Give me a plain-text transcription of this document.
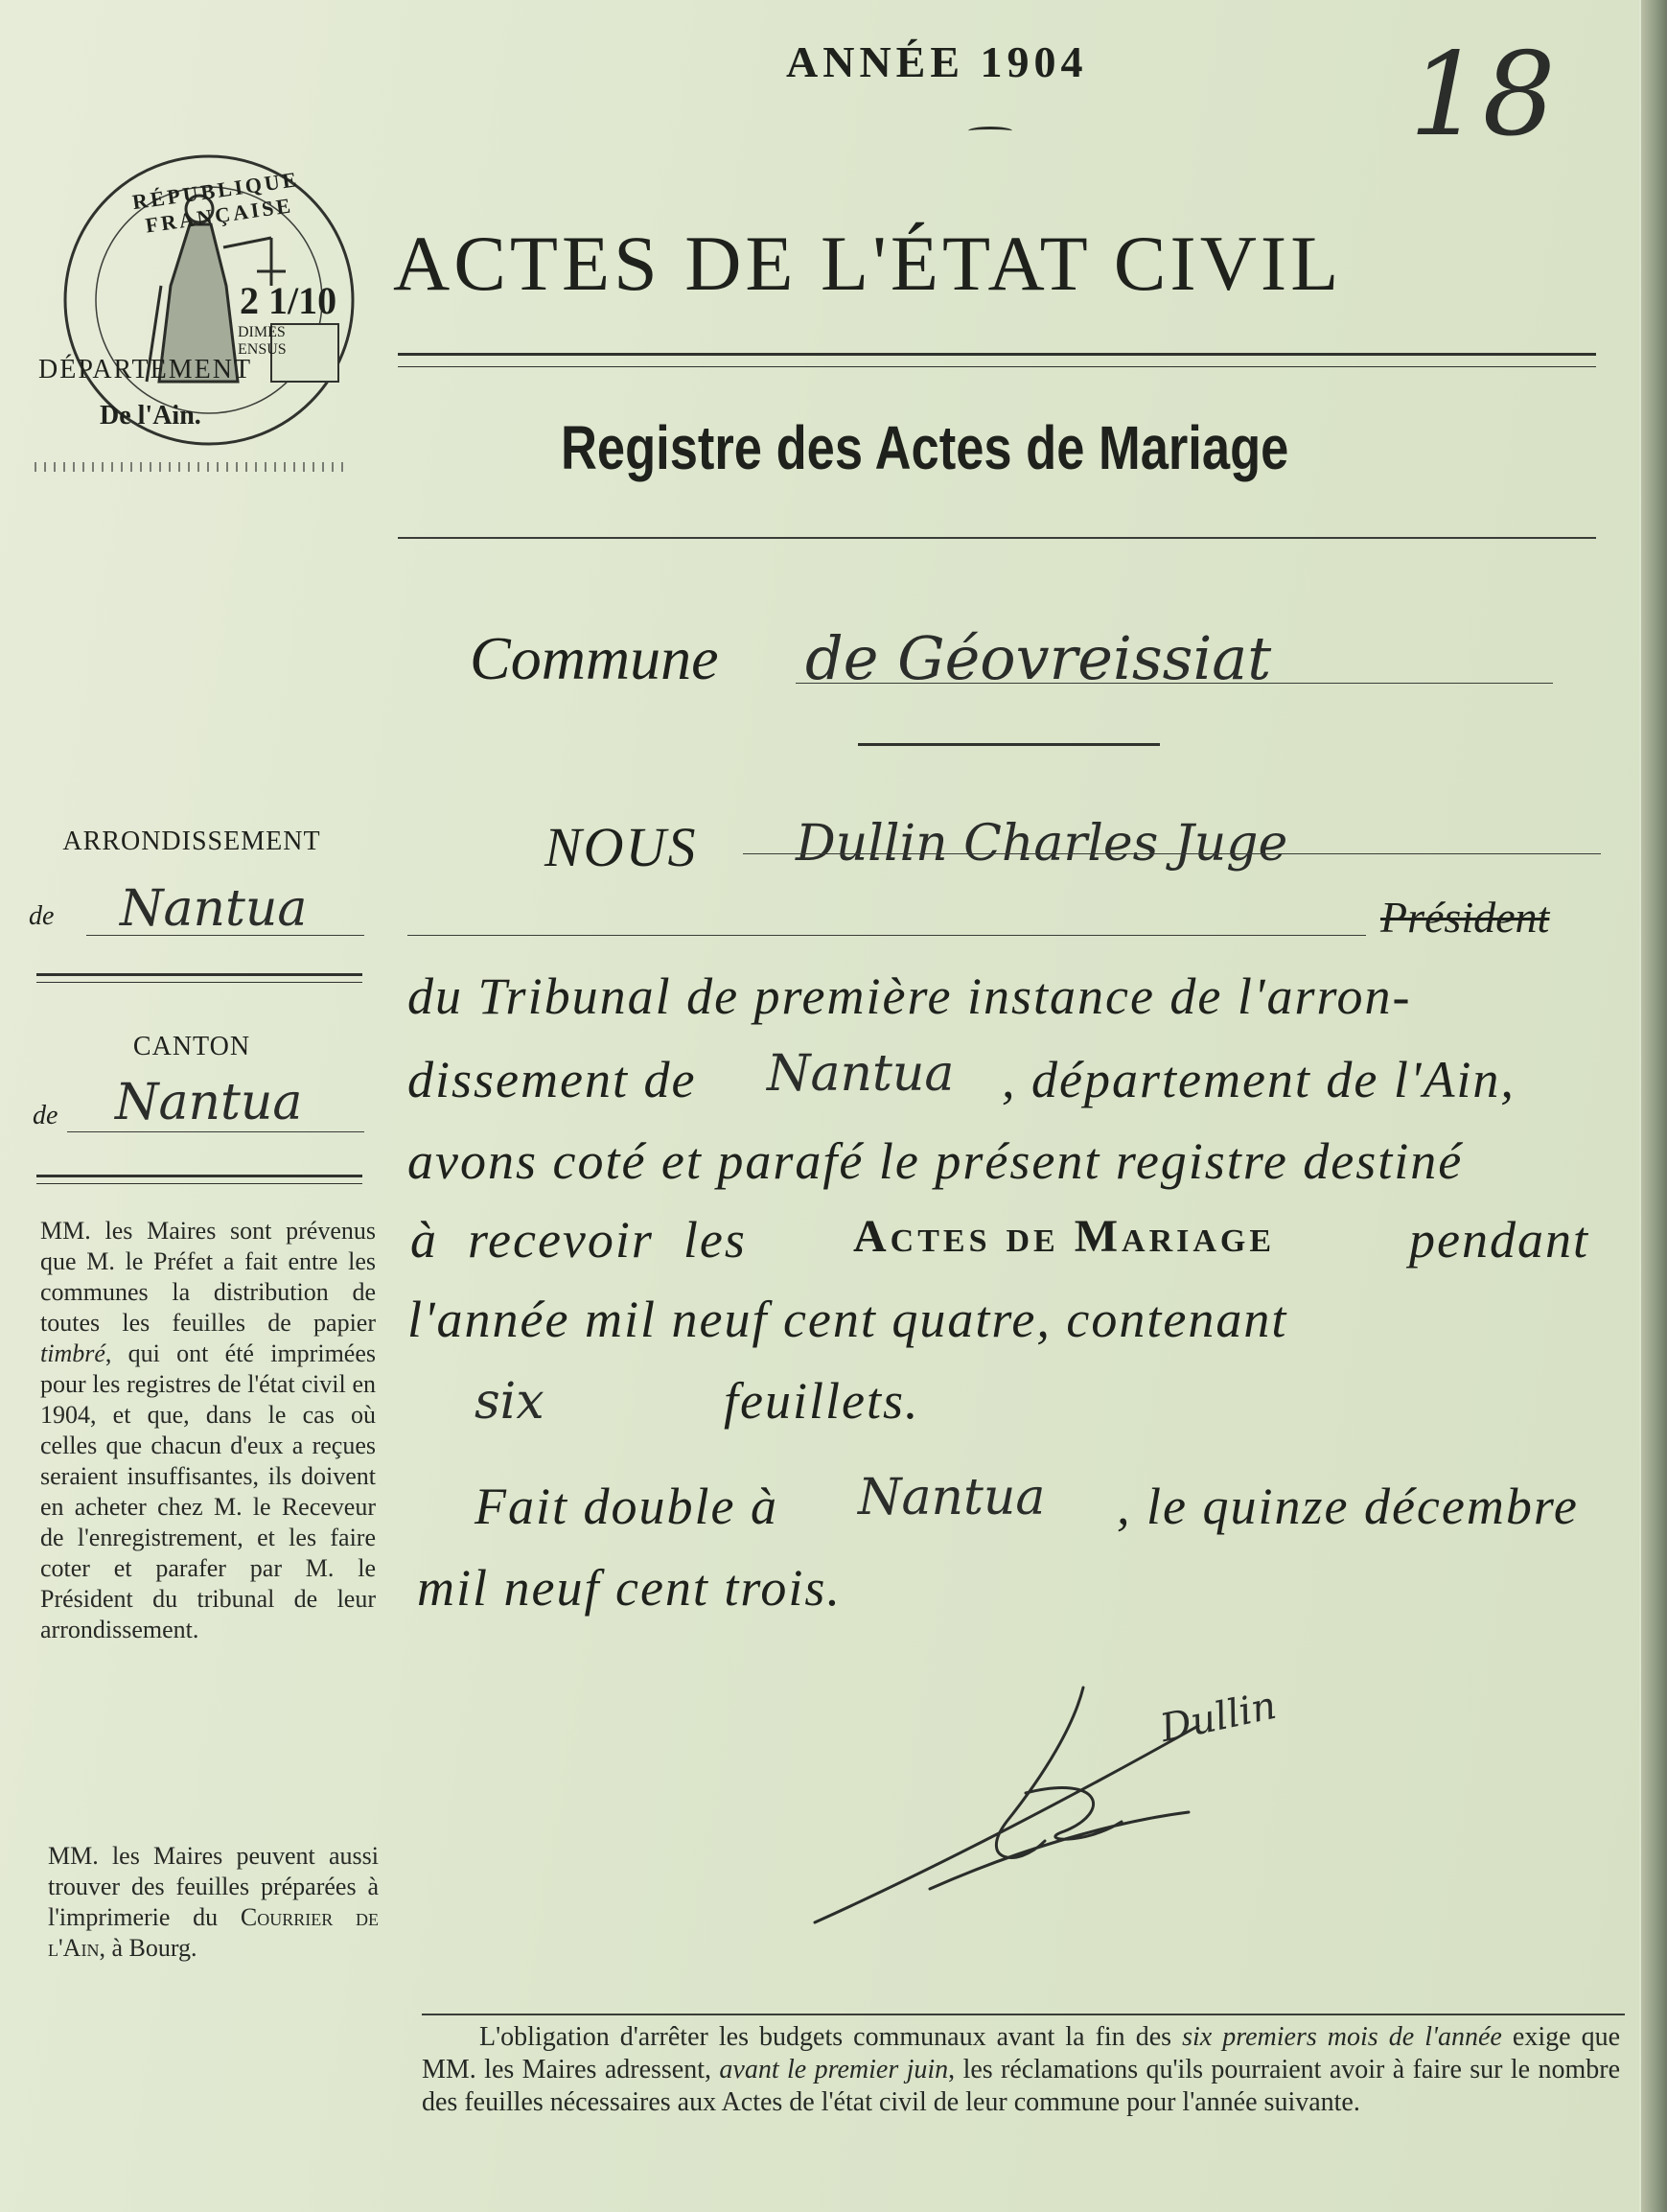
ANNÉE 1904	18
ACTES DE L'ÉTAT CIVIL
Registre des Actes de Mariage
RÉPUBLIQUE FRANÇAISE
2 1/10
DIMES ENSUS
DÉPARTEMENT
De l'Ain.
ARRONDISSEMENT
de Nantua
CANTON
de Nantua
MM. les Maires sont prévenus que M. le Préfet a fait entre les communes la distribution de toutes les feuilles de papier timbré, qui ont été imprimées pour les registres de l'état civil en 1904, et que, dans le cas où celles que chacun d'eux a reçues seraient insuffisantes, ils doivent en acheter chez M. le Receveur de l'enregistrement, et les faire coter et parafer par M. le Président du tribunal de leur arrondissement.
MM. les Maires peuvent aussi trouver des feuilles préparées à l'imprimerie du Courrier de l'Ain, à Bourg.
Commune de Géovreissiat
NOUS Dullin Charles Juge
Président
du Tribunal de première instance de l'arron-
dissement de Nantua , département de l'Ain,
avons coté et parafé le présent registre destiné
à  recevoir  les Actes de Mariage	pendant
l'année mil neuf cent quatre, contenant
six	feuillets.
Fait double à Nantua , le quinze décembre
mil neuf cent trois.
Dullin
L'obligation d'arrêter les budgets communaux avant la fin des six premiers mois de l'année exige que MM. les Maires adressent, avant le premier juin, les réclamations qu'ils pourraient avoir à faire sur le nombre des feuilles nécessaires aux Actes de l'état civil de leur commune pour l'année suivante.
